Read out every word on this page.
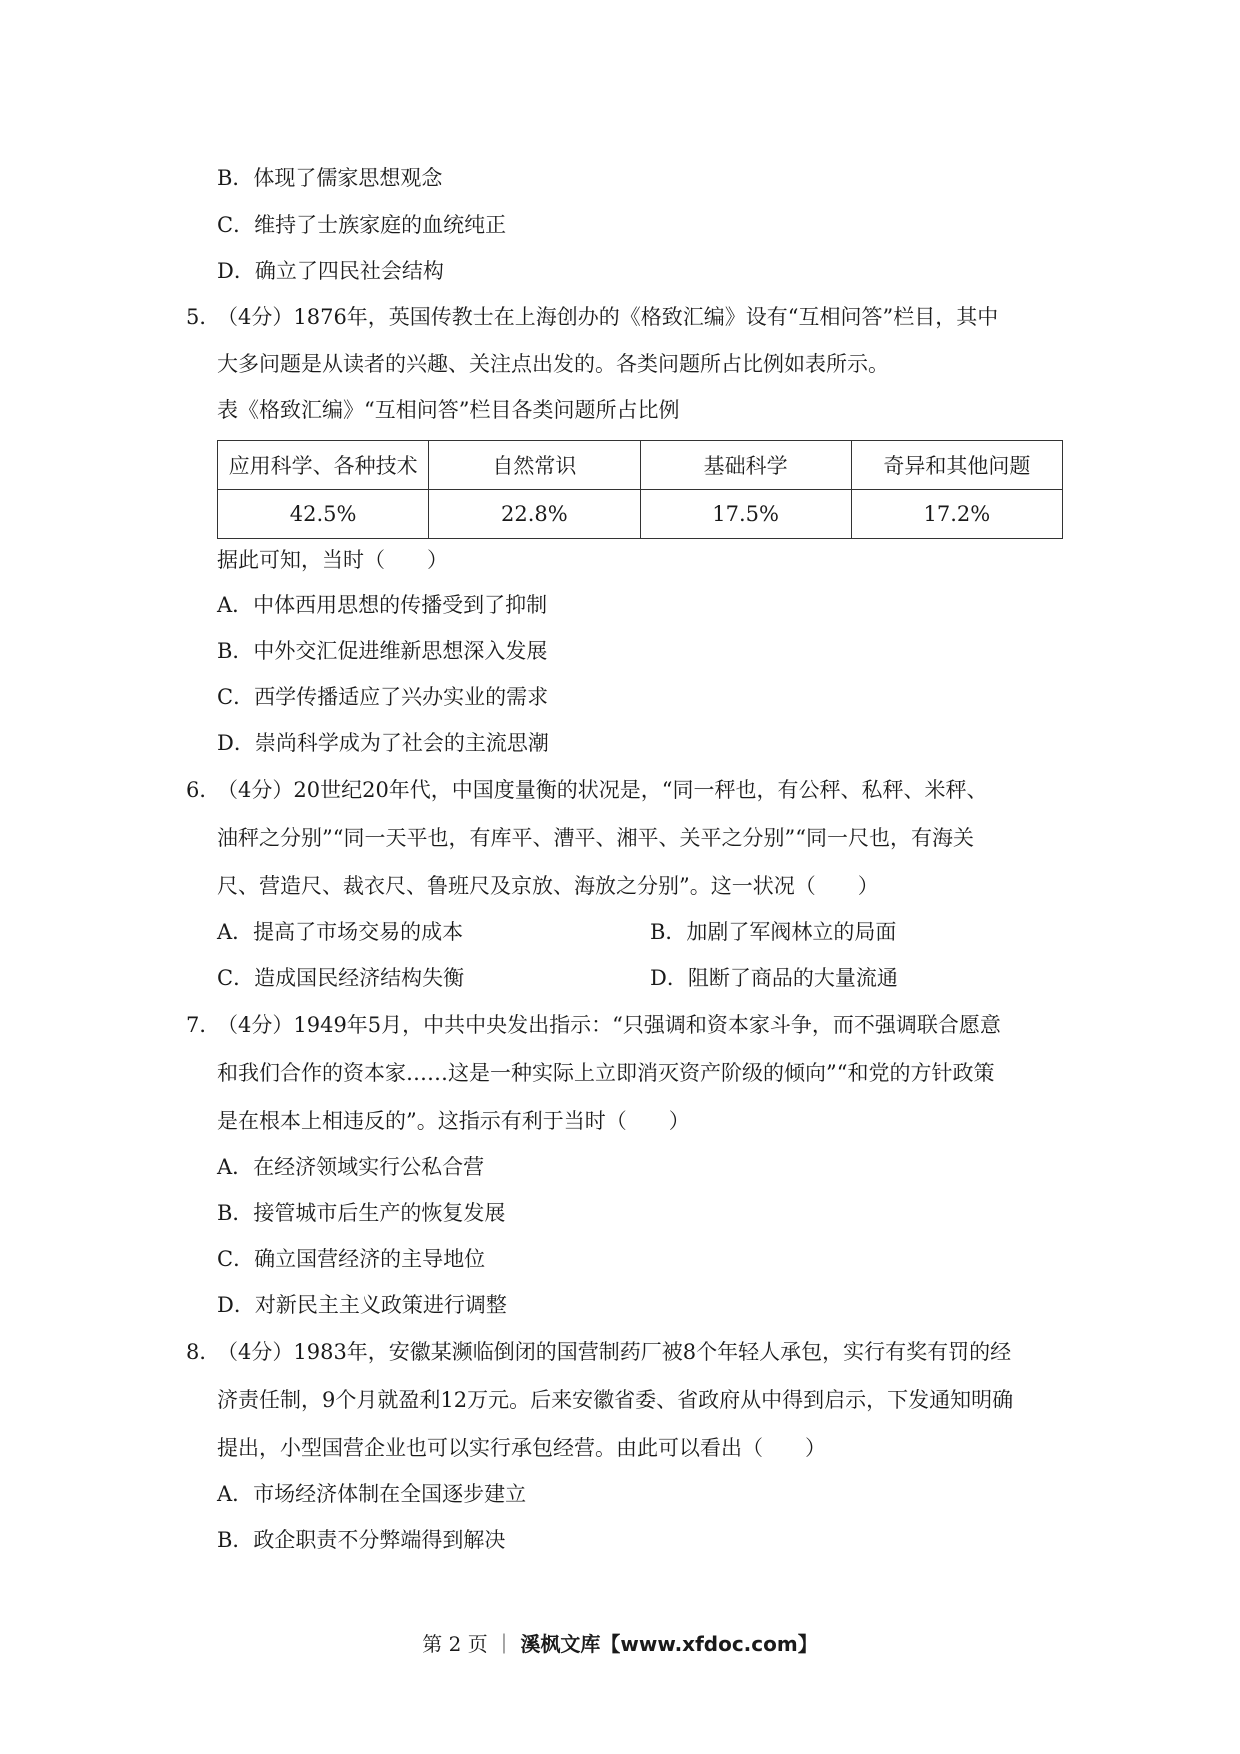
B．体现了儒家思想观念
C．维持了士族家庭的血统纯正
D．确立了四民社会结构
5．
（4分）1876年，英国传教士在上海创办的《格致汇编》设有“互相问答”栏目，其中
大多问题是从读者的兴趣、关注点出发的。各类问题所占比例如表所示。
表《格致汇编》“互相问答”栏目各类问题所占比例
应用科学、各种技术	自然常识	基础科学	奇异和其他问题
42.5%	22.8%	17.5%	17.2%
据此可知，当时（　　）
A．中体西用思想的传播受到了抑制
B．中外交汇促进维新思想深入发展
C．西学传播适应了兴办实业的需求
D．崇尚科学成为了社会的主流思潮
6．
（4分）20世纪20年代，中国度量衡的状况是，“同一秤也，有公秤、私秤、米秤、
油秤之分别”“同一天平也，有库平、漕平、湘平、关平之分别”“同一尺也，有海关
尺、营造尺、裁衣尺、鲁班尺及京放、海放之分别”。这一状况（　　）
A．提高了市场交易的成本	B．加剧了军阀林立的局面
C．造成国民经济结构失衡	D．阻断了商品的大量流通
7．
（4分）1949年5月，中共中央发出指示：“只强调和资本家斗争，而不强调联合愿意
和我们合作的资本家……这是一种实际上立即消灭资产阶级的倾向”“和党的方针政策
是在根本上相违反的”。这指示有利于当时（　　）
A．在经济领域实行公私合营
B．接管城市后生产的恢复发展
C．确立国营经济的主导地位
D．对新民主主义政策进行调整
8．
（4分）1983年，安徽某濒临倒闭的国营制药厂被8个年轻人承包，实行有奖有罚的经
济责任制，9个月就盈利12万元。后来安徽省委、省政府从中得到启示，下发通知明确
提出，小型国营企业也可以实行承包经营。由此可以看出（　　）
A．市场经济体制在全国逐步建立
B．政企职责不分弊端得到解决
第 2 页 ｜ 溪枫文库【www.xfdoc.com】
